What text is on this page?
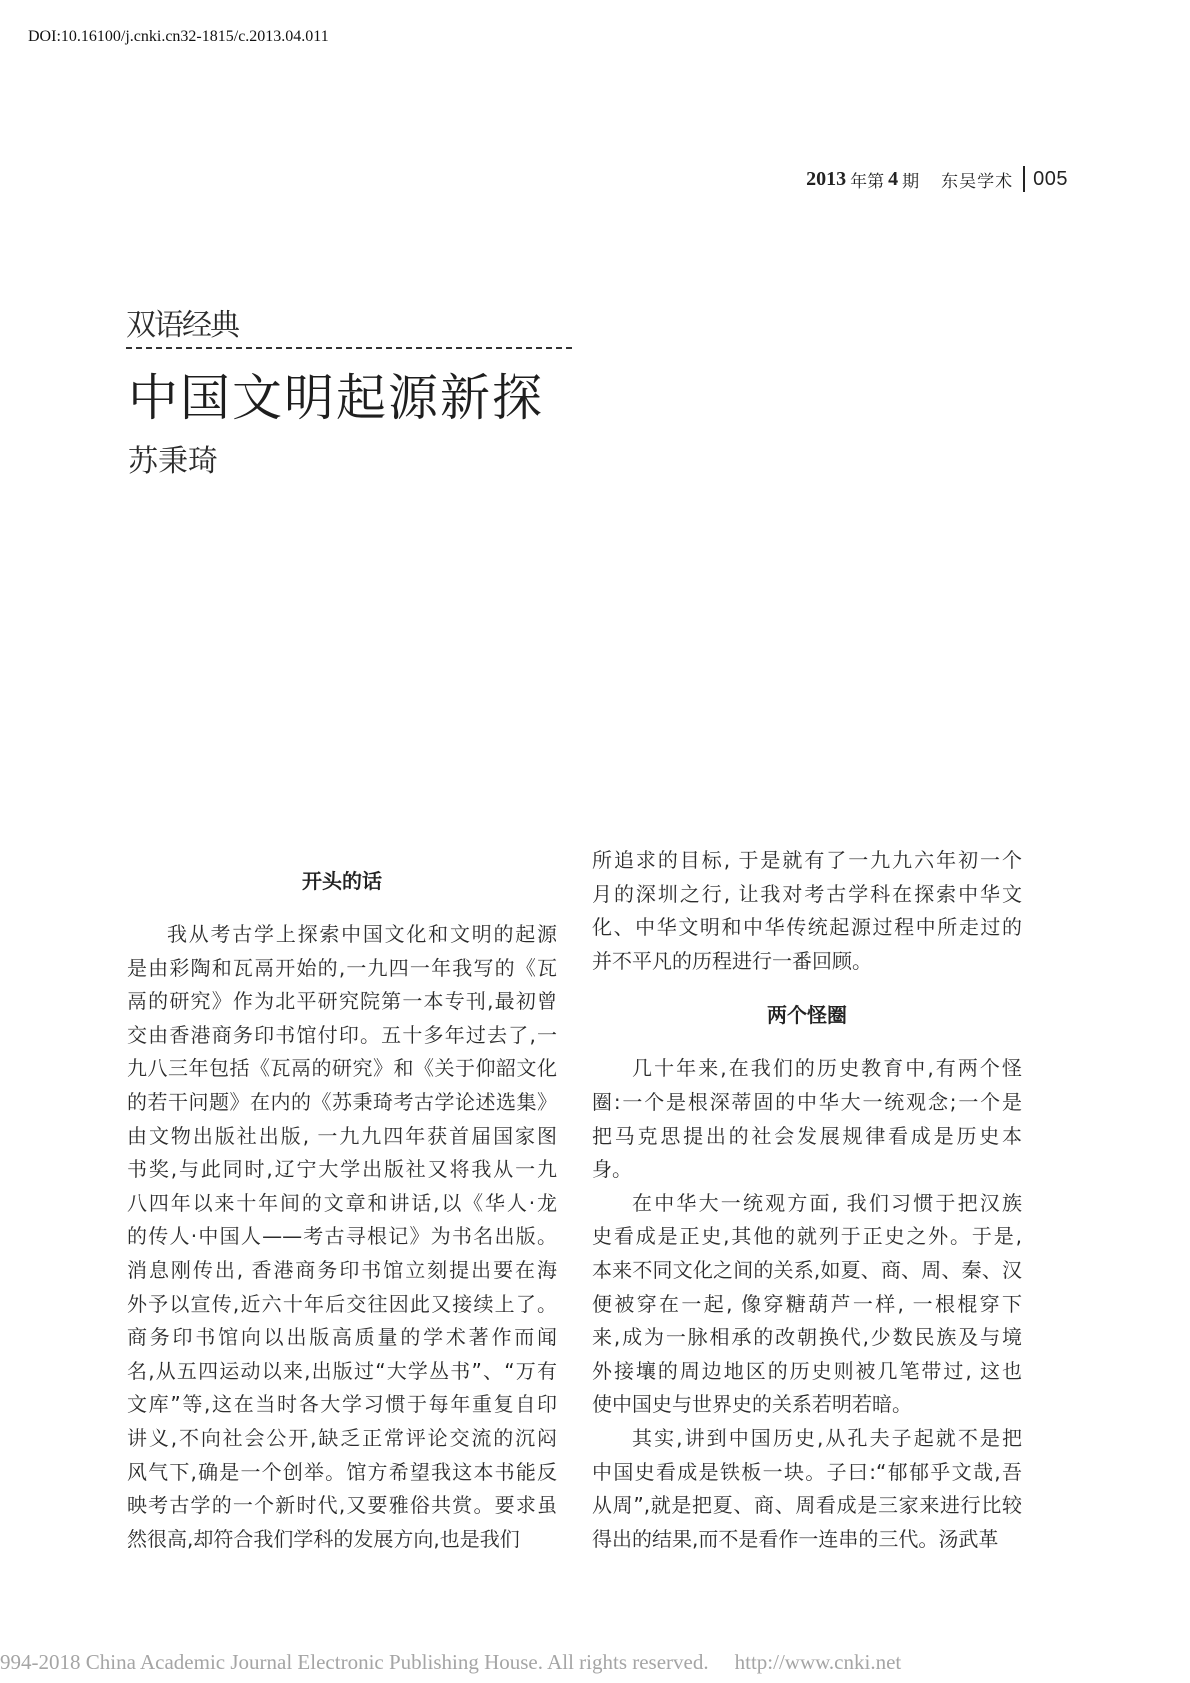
DOI:10.16100/j.cnki.cn32-1815/c.2013.04.011
2013 年第 4 期 东吴学术 005
双语经典
中国文明起源新探
苏秉琦
开头的话

我从考古学上探索中国文化和文明的起源
是由彩陶和瓦鬲开始的,一九四一年我写的《瓦
鬲的研究》作为北平研究院第一本专刊,最初曾
交由香港商务印书馆付印。五十多年过去了,一
九八三年包括《瓦鬲的研究》和《关于仰韶文化
的若干问题》在内的《苏秉琦考古学论述选集》
由文物出版社出版, 一九九四年获首届国家图
书奖,与此同时,辽宁大学出版社又将我从一九
八四年以来十年间的文章和讲话,以《华人·龙
的传人·中国人——考古寻根记》为书名出版。
消息刚传出, 香港商务印书馆立刻提出要在海
外予以宣传,近六十年后交往因此又接续上了。
商务印书馆向以出版高质量的学术著作而闻
名,从五四运动以来,出版过“大学丛书”、“万有
文库”等,这在当时各大学习惯于每年重复自印
讲义,不向社会公开,缺乏正常评论交流的沉闷
风气下,确是一个创举。馆方希望我这本书能反
映考古学的一个新时代,又要雅俗共赏。要求虽
然很高,却符合我们学科的发展方向,也是我们

所追求的目标, 于是就有了一九九六年初一个
月的深圳之行, 让我对考古学科在探索中华文
化、中华文明和中华传统起源过程中所走过的
并不平凡的历程进行一番回顾。

两个怪圈

几十年来,在我们的历史教育中,有两个怪
圈:一个是根深蒂固的中华大一统观念;一个是
把马克思提出的社会发展规律看成是历史本
身。

在中华大一统观方面, 我们习惯于把汉族
史看成是正史,其他的就列于正史之外。于是,
本来不同文化之间的关系,如夏、商、周、秦、汉
便被穿在一起, 像穿糖葫芦一样, 一根棍穿下
来,成为一脉相承的改朝换代,少数民族及与境
外接壤的周边地区的历史则被几笔带过, 这也
使中国史与世界史的关系若明若暗。

其实,讲到中国历史,从孔夫子起就不是把
中国史看成是铁板一块。子曰:“郁郁乎文哉,吾
从周”,就是把夏、商、周看成是三家来进行比较
得出的结果,而不是看作一连串的三代。汤武革

994-2018 China Academic Journal Electronic Publishing House. All rights reserved. http://www.cnki.net
